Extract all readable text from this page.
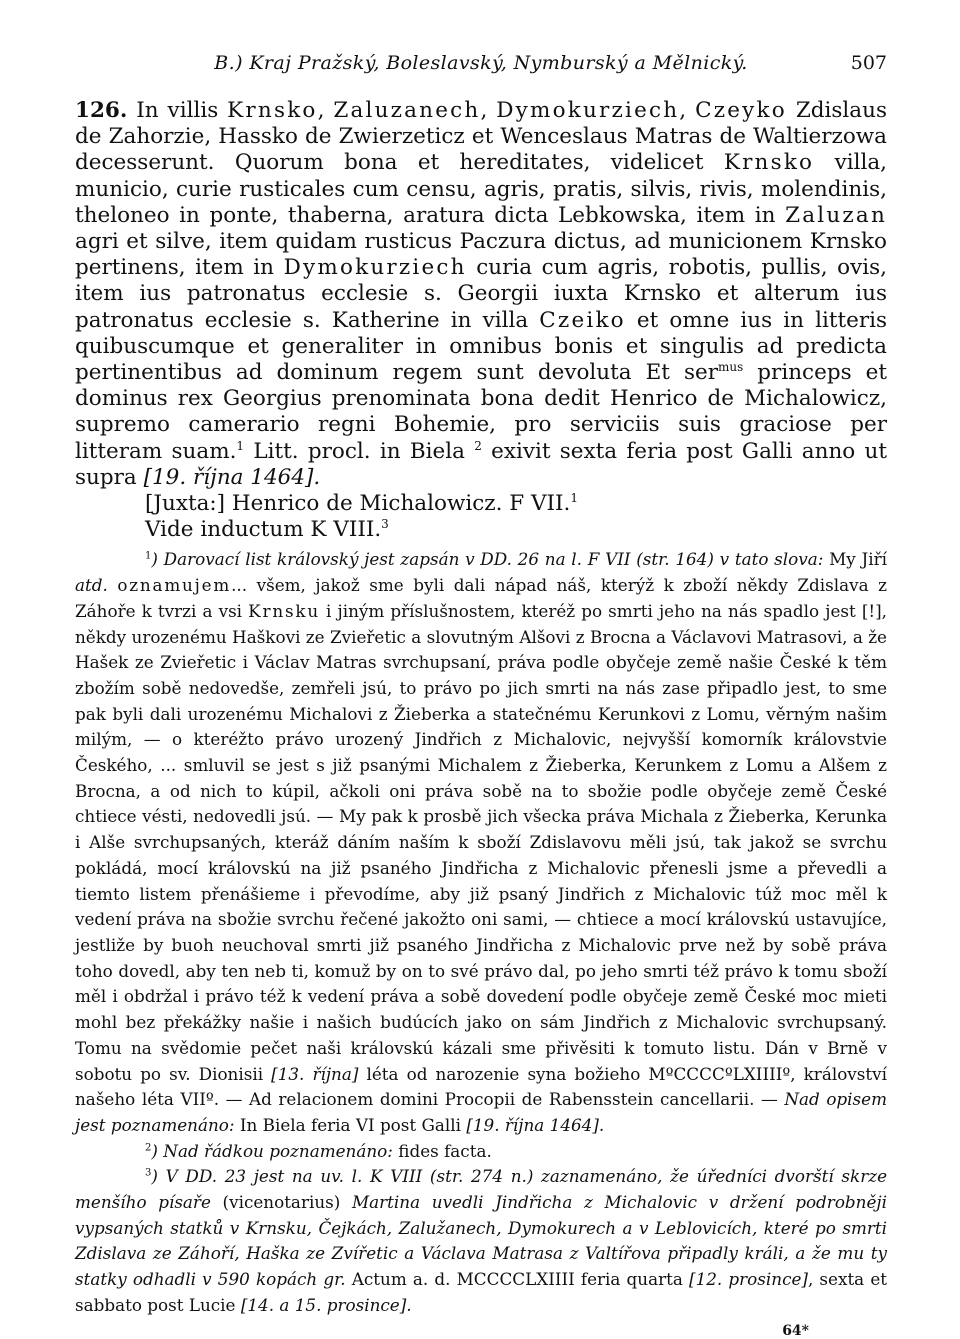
B.) Kraj Pražský, Boleslavský, Nymburský a Mělnický.	507
126. In villis Krnsko, Zaluzanech, Dymokurziech, Czeyko Zdislaus de Zahorzie, Hassko de Zwierzeticz et Wenceslaus Matras de Waltierzowa decesserunt. Quorum bona et hereditates, videlicet Krnsko villa, municio, curie rusticales cum censu, agris, pratis, silvis, rivis, molendinis, theloneo in ponte, thaberna, aratura dicta Lebkowska, item in Zaluzan agri et silve, item quidam rusticus Paczura dictus, ad municionem Krnsko pertinens, item in Dymokurziech curia cum agris, robotis, pullis, ovis, item ius patronatus ecclesie s. Georgii iuxta Krnsko et alterum ius patronatus ecclesie s. Katherine in villa Czeiko et omne ius in litteris quibuscumque et generaliter in omnibus bonis et singulis ad predicta pertinentibus ad dominum regem sunt devoluta Et ser$^{mus}$ princeps et dominus rex Georgius prenominata bona dedit Henrico de Michalowicz, supremo camerario regni Bohemie, pro serviciis suis graciose per litteram suam.$^1$ Litt. procl. in Biela $^2$ exivit sexta feria post Galli anno ut supra [19. října 1464].
[Juxta:] Henrico de Michalowicz. F VII.$^1$
Vide inductum K VIII.$^3$

$^1$) Darovací list královský jest zapsán v DD. 26 na l. F VII (str. 164) v tato slova: My Jiří atd. oznamujem... všem, jakož sme byli dali nápad náš, kterýž k zboží někdy Zdislava z Záhoře k tvrzi a vsi Krnsku i jiným příslušnostem, kteréž po smrti jeho na nás spadlo jest [!], někdy urozenému Haškovi ze Zvieřetic a slovutným Alšovi z Brocna a Václavovi Matrasovi, a že Hašek ze Zvieřetic i Václav Matras svrchupsaní, práva podle obyčeje země našie České k těm zbožím sobě nedovedše, zemřeli jsú, to právo po jich smrti na nás zase připadlo jest, to sme pak byli dali urozenému Michalovi z Žieberka a statečnému Kerunkovi z Lomu, věrným našim milým, — o kteréžto právo urozený Jindřich z Michalovic, nejvyšší komorník královstvie Českého, ... smluvil se jest s již psanými Michalem z Žieberka, Kerunkem z Lomu a Alšem z Brocna, a od nich to kúpil, ačkoli oni práva sobě na to sbožie podle obyčeje země České chtiece vésti, nedovedli jsú. — My pak k prosbě jich všecka práva Michala z Žieberka, Kerunka i Alše svrchupsaných, kteráž dáním naším k sboží Zdislavovu měli jsú, tak jakož se svrchu pokládá, mocí královskú na již psaného Jindřicha z Michalovic přenesli jsme a převedli a tiemto listem přenášieme i převodíme, aby již psaný Jindřich z Michalovic túž moc měl k vedení práva na sbožie svrchu řečené jakožto oni sami, — chtiece a mocí královskú ustavujíce, jestliže by buoh neuchoval smrti již psaného Jindřicha z Michalovic prve než by sobě práva toho dovedl, aby ten neb ti, komuž by on to své právo dal, po jeho smrti též právo k tomu sboží měl i obdržal i právo též k vedení práva a sobě dovedení podle obyčeje země České moc mieti mohl bez překážky našie i našich budúcích jako on sám Jindřich z Michalovic svrchupsaný. Tomu na svědomie pečet naši královskú kázali sme přivěsiti k tomuto listu. Dán v Brně v sobotu po sv. Dionisii [13. října] léta od narozenie syna božieho MºCCCCºLXIIIIº, království našeho léta VIIº. — Ad relacionem domini Procopii de Rabensstein cancellarii. — Nad opisem jest poznamenáno: In Biela feria VI post Galli [19. října 1464].

$^2$) Nad řádkou poznamenáno: fides facta.

$^3$) V DD. 23 jest na uv. l. K VIII (str. 274 n.) zaznamenáno, že úředníci dvorští skrze menšího písaře (vicenotarius) Martina uvedli Jindřicha z Michalovic v držení podrobněji vypsaných statků v Krnsku, Čejkách, Zalužanech, Dymokurech a v Leblovicích, které po smrti Zdislava ze Záhoří, Haška ze Zvířetic a Václava Matrasa z Valtířova připadly králi, a že mu ty statky odhadli v 590 kopách gr. Actum a. d. MCCCCLXIIII feria quarta [12. prosince], sexta et sabbato post Lucie [14. a 15. prosince].

64*
